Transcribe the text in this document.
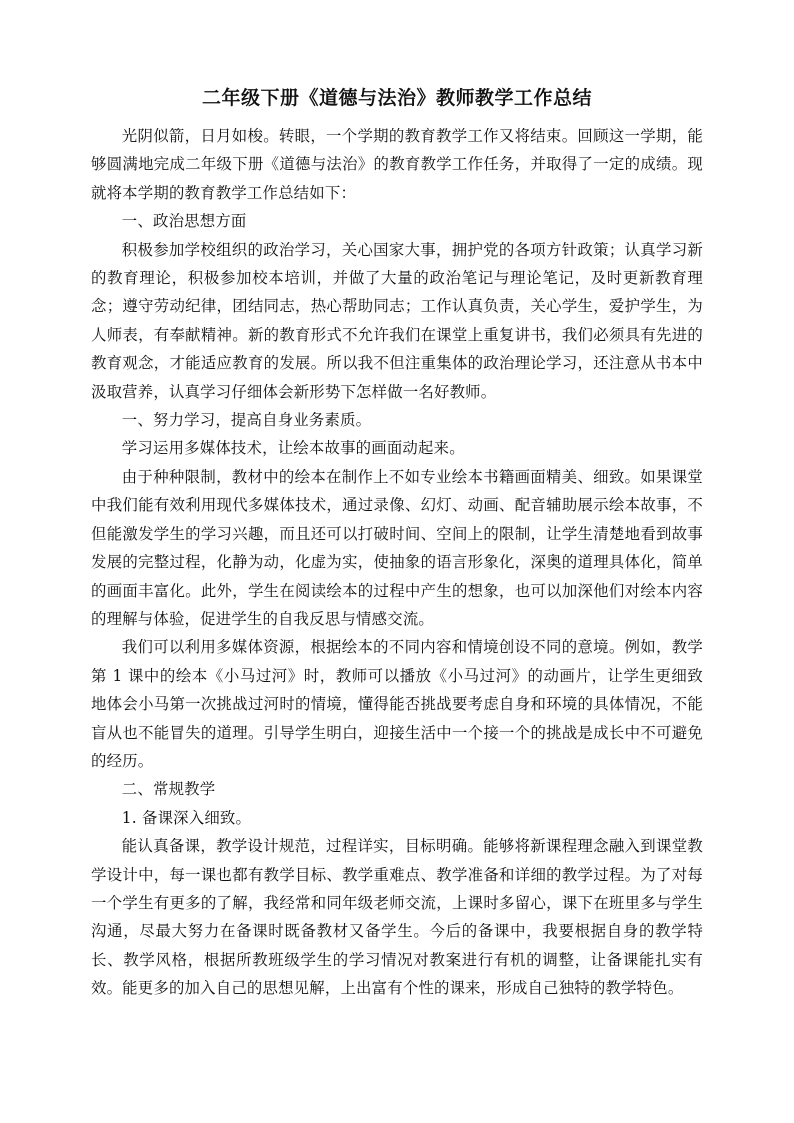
二年级下册《道德与法治》教师教学工作总结

光阴似箭，日月如梭。转眼，一个学期的教育教学工作又将结束。回顾这一学期，能够圆满地完成二年级下册《道德与法治》的教育教学工作任务，并取得了一定的成绩。现就将本学期的教育教学工作总结如下：

一、政治思想方面

积极参加学校组织的政治学习，关心国家大事，拥护党的各项方针政策；认真学习新的教育理论，积极参加校本培训，并做了大量的政治笔记与理论笔记，及时更新教育理念；遵守劳动纪律，团结同志，热心帮助同志；工作认真负责，关心学生，爱护学生，为人师表，有奉献精神。新的教育形式不允许我们在课堂上重复讲书，我们必须具有先进的教育观念，才能适应教育的发展。所以我不但注重集体的政治理论学习，还注意从书本中汲取营养，认真学习仔细体会新形势下怎样做一名好教师。

一、努力学习，提高自身业务素质。

学习运用多媒体技术，让绘本故事的画面动起来。

由于种种限制，教材中的绘本在制作上不如专业绘本书籍画面精美、细致。如果课堂中我们能有效利用现代多媒体技术，通过录像、幻灯、动画、配音辅助展示绘本故事，不但能激发学生的学习兴趣，而且还可以打破时间、空间上的限制，让学生清楚地看到故事发展的完整过程，化静为动，化虚为实，使抽象的语言形象化，深奥的道理具体化，简单的画面丰富化。此外，学生在阅读绘本的过程中产生的想象，也可以加深他们对绘本内容的理解与体验，促进学生的自我反思与情感交流。

我们可以利用多媒体资源，根据绘本的不同内容和情境创设不同的意境。例如，教学第 1 课中的绘本《小马过河》时，教师可以播放《小马过河》的动画片，让学生更细致地体会小马第一次挑战过河时的情境，懂得能否挑战要考虑自身和环境的具体情况，不能盲从也不能冒失的道理。引导学生明白，迎接生活中一个接一个的挑战是成长中不可避免的经历。

二、常规教学

1. 备课深入细致。

能认真备课，教学设计规范，过程详实，目标明确。能够将新课程理念融入到课堂教学设计中，每一课也都有教学目标、教学重难点、教学准备和详细的教学过程。为了对每一个学生有更多的了解，我经常和同年级老师交流，上课时多留心，课下在班里多与学生沟通，尽最大努力在备课时既备教材又备学生。今后的备课中，我要根据自身的教学特长、教学风格，根据所教班级学生的学习情况对教案进行有机的调整，让备课能扎实有效。能更多的加入自己的思想见解，上出富有个性的课来，形成自己独特的教学特色。
